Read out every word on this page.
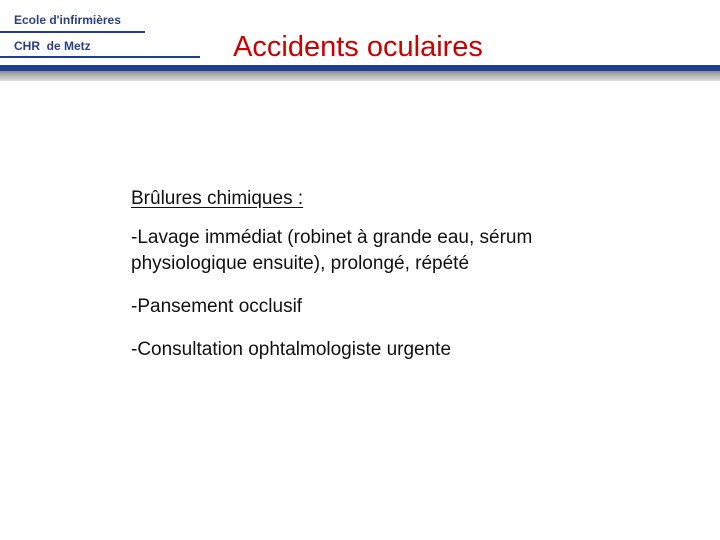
Ecole d'infirmières
CHR  de Metz	Accidents oculaires
Brûlures chimiques :
-Lavage immédiat (robinet à grande eau, sérum physiologique ensuite), prolongé, répété
-Pansement occlusif
-Consultation ophtalmologiste urgente
